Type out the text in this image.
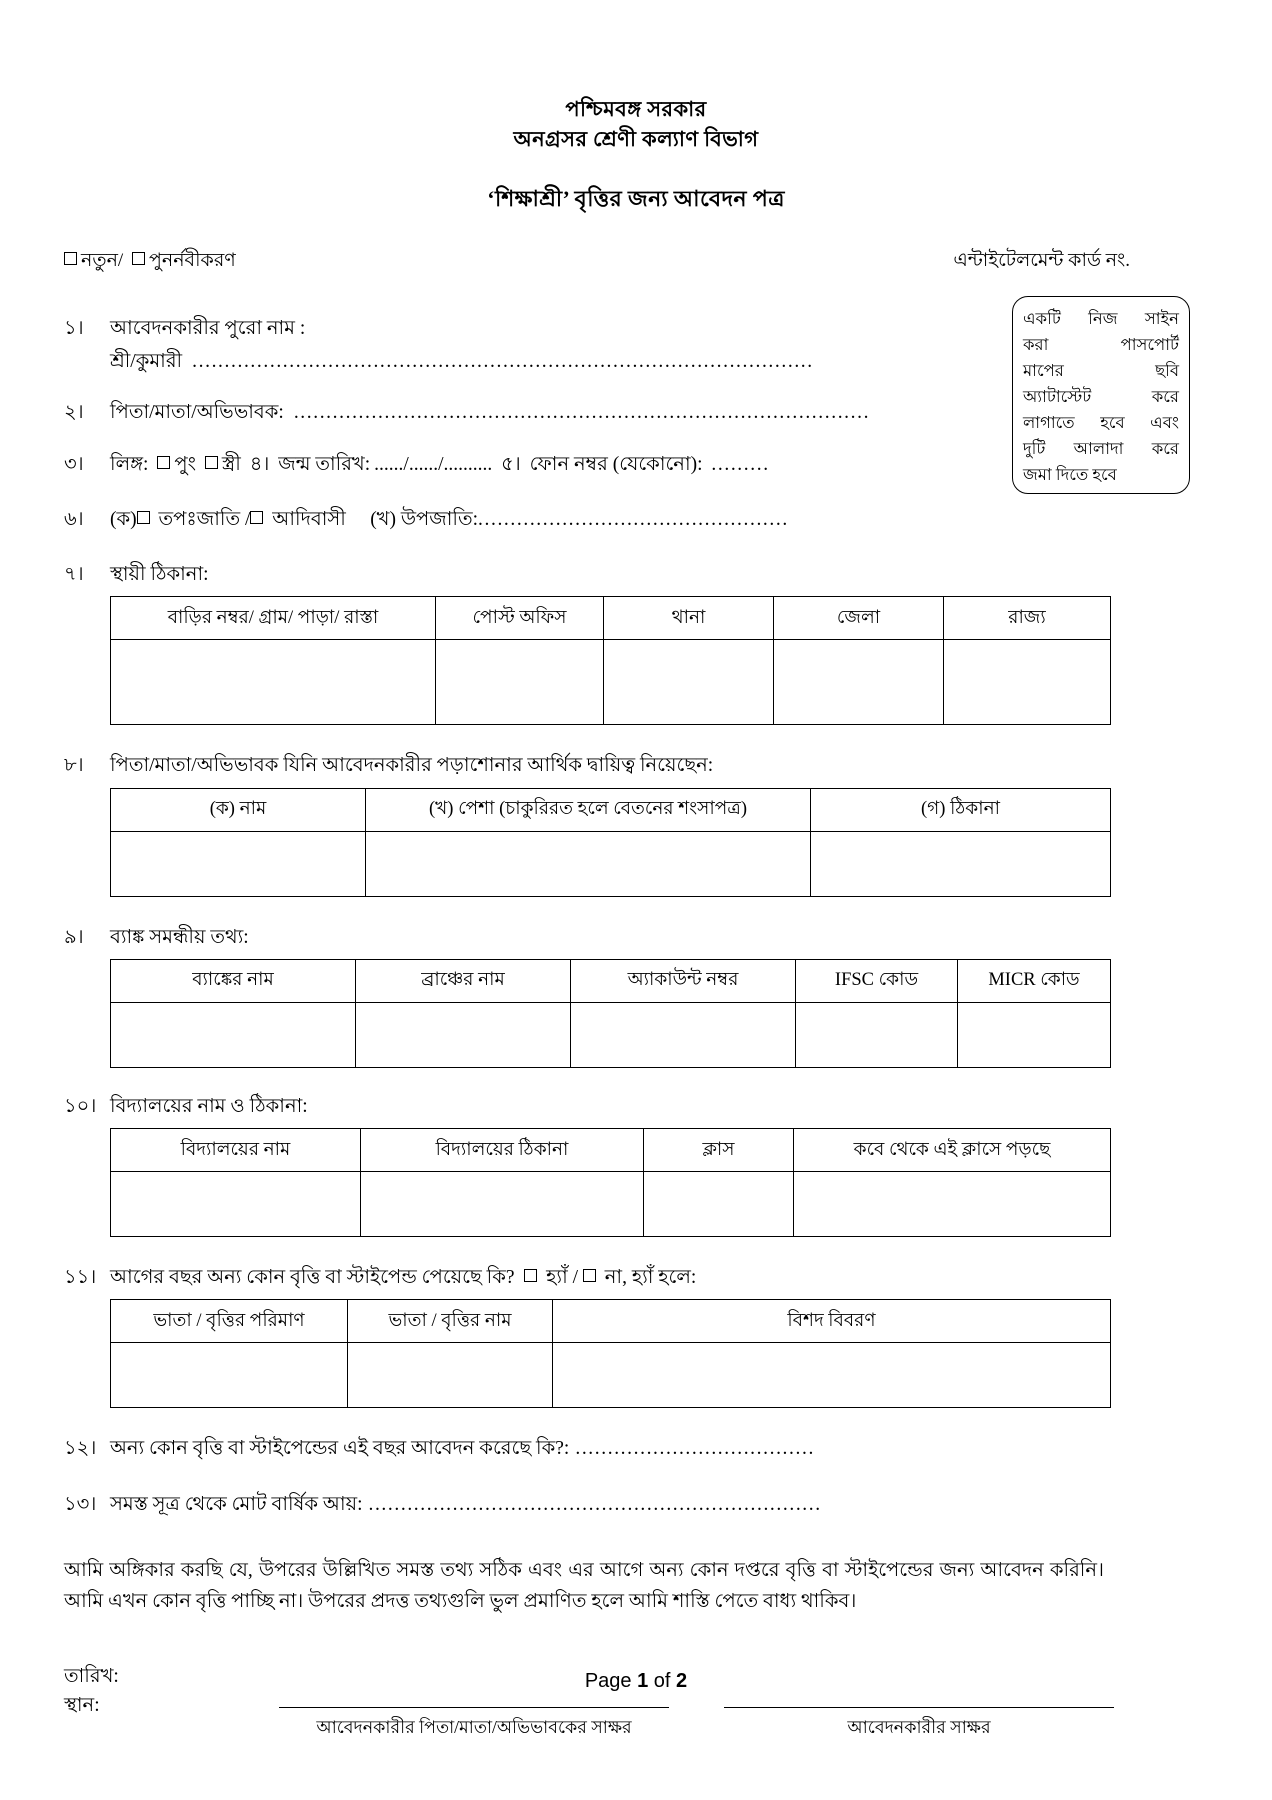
একটি নিজ সাইন
করা	পাসপোর্ট
মাপের	ছবি
অ্যাটাস্টেট	করে
লাগাতে হবে এবং
দুটি আলাদা করে
জমা
দিতে
হবে
পশ্চিমবঙ্গ সরকার
অনগ্রসর শ্রেণী কল্যাণ বিভাগ
‘শিক্ষাশ্রী’ বৃত্তির জন্য আবেদন পত্র
নতুন/ পুনর্নবীকরণ	এন্টাইটেলমেন্ট কার্ড নং.
১।	আবেদনকারীর পুরো নাম :
শ্রী/কুমারী ................................................................................................
২।	পিতা/মাতা/অভিভাবক: .........................................................................................
৩।	লিঙ্গ: পুং স্ত্রী ৪। জন্ম তারিখ: ....../....../.......... ৫। ফোন নম্বর (যেকোনো): .........
৬।	(ক) তপঃজাতি / আদিবাসী (খ) উপজাতি: ................................................
৭।	স্থায়ী ঠিকানা:
বাড়ির নম্বর/ গ্রাম/ পাড়া/ রাস্তা	পোস্ট অফিস	থানা	জেলা	রাজ্য

৮।	পিতা/মাতা/অভিভাবক যিনি আবেদনকারীর পড়াশোনার আর্থিক দ্বায়িত্ব নিয়েছেন:
(ক) নাম	(খ) পেশা (চাকুরিরত হলে বেতনের শংসাপত্র)	(গ) ঠিকানা

৯।	ব্যাঙ্ক সমন্ধীয় তথ্য:
ব্যাঙ্কের নাম	ব্রাঞ্চের নাম	অ্যাকাউন্ট নম্বর	IFSC কোড	MICR কোড

১০। বিদ্যালয়ের নাম ও ঠিকানা:
বিদ্যালয়ের নাম	বিদ্যালয়ের ঠিকানা	ক্লাস	কবে থেকে এই ক্লাসে পড়ছে

১১। আগের বছর অন্য কোন বৃত্তি বা স্টাইপেন্ড পেয়েছে কি? হ্যাঁ / না, হ্যাঁ হলে:
ভাতা / বৃত্তির পরিমাণ	ভাতা / বৃত্তির নাম	বিশদ বিবরণ

১২। অন্য কোন বৃত্তি বা স্টাইপেন্ডের এই বছর আবেদন করেছে কি?: .....................................
১৩। সমস্ত সূত্র থেকে মোট বার্ষিক আয়: ......................................................................
আমি অঙ্গিকার করছি যে, উপরের উল্লিখিত সমস্ত তথ্য সঠিক এবং এর আগে অন্য কোন দপ্তরে বৃত্তি বা স্টাইপেন্ডের জন্য আবেদন করিনি। আমি এখন কোন বৃত্তি পাচ্ছি না। উপরের প্রদত্ত তথ্যগুলি ভুল প্রমাণিত হলে আমি শাস্তি পেতে বাধ্য থাকিব।
তারিখ:
স্থান:
আবেদনকারীর পিতা/মাতা/অভিভাবকের সাক্ষর	আবেদনকারীর সাক্ষর
Page 1 of 2
